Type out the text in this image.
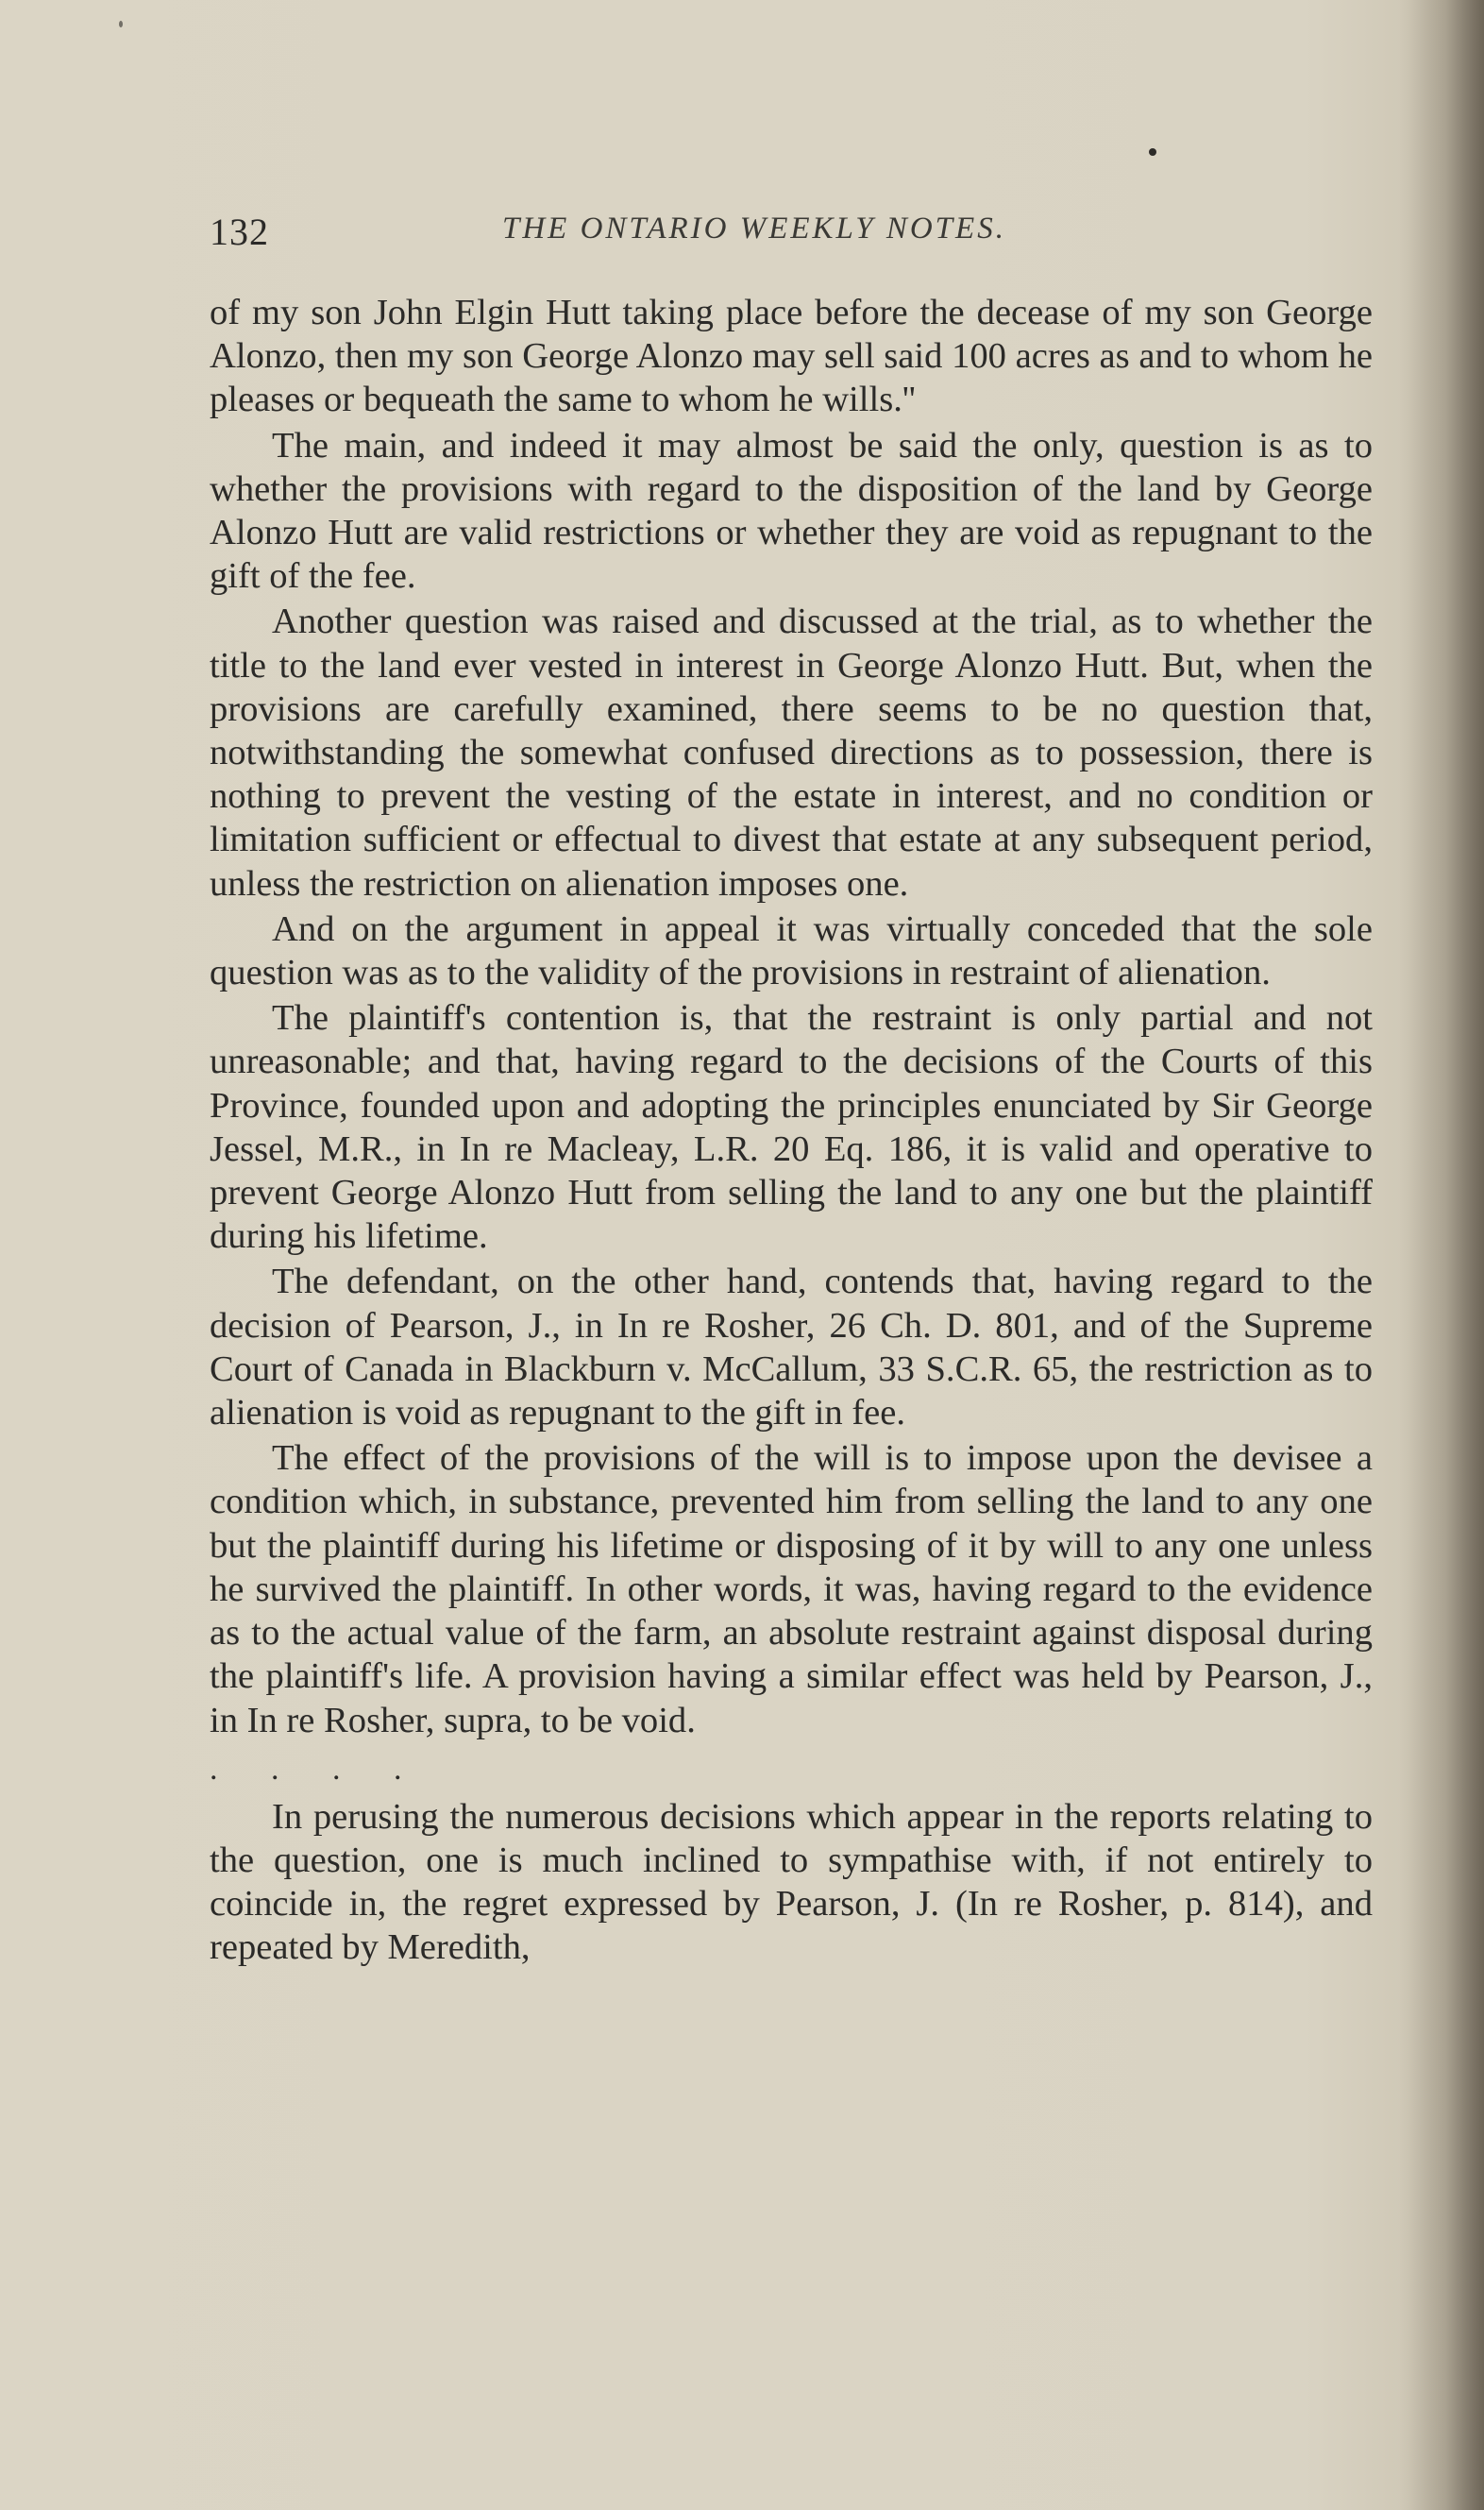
132	THE ONTARIO WEEKLY NOTES.

of my son John Elgin Hutt taking place before the decease of my son George Alonzo, then my son George Alonzo may sell said 100 acres as and to whom he pleases or bequeath the same to whom he wills.''

The main, and indeed it may almost be said the only, question is as to whether the provisions with regard to the disposition of the land by George Alonzo Hutt are valid restrictions or whether they are void as repugnant to the gift of the fee.

Another question was raised and discussed at the trial, as to whether the title to the land ever vested in interest in George Alonzo Hutt. But, when the provisions are carefully examined, there seems to be no question that, notwithstanding the somewhat confused directions as to possession, there is nothing to prevent the vesting of the estate in interest, and no condition or limitation sufficient or effectual to divest that estate at any subsequent period, unless the restriction on alienation imposes one.

And on the argument in appeal it was virtually conceded that the sole question was as to the validity of the provisions in restraint of alienation.

The plaintiff's contention is, that the restraint is only partial and not unreasonable; and that, having regard to the decisions of the Courts of this Province, founded upon and adopting the principles enunciated by Sir George Jessel, M.R., in In re Macleay, L.R. 20 Eq. 186, it is valid and operative to prevent George Alonzo Hutt from selling the land to any one but the plaintiff during his lifetime.

The defendant, on the other hand, contends that, having regard to the decision of Pearson, J., in In re Rosher, 26 Ch. D. 801, and of the Supreme Court of Canada in Blackburn v. McCallum, 33 S.C.R. 65, the restriction as to alienation is void as repugnant to the gift in fee.

The effect of the provisions of the will is to impose upon the devisee a condition which, in substance, prevented him from selling the land to any one but the plaintiff during his lifetime or disposing of it by will to any one unless he survived the plaintiff. In other words, it was, having regard to the evidence as to the actual value of the farm, an absolute restraint against disposal during the plaintiff's life. A provision having a similar effect was held by Pearson, J., in In re Rosher, supra, to be void.

. . . .

In perusing the numerous decisions which appear in the reports relating to the question, one is much inclined to sympathise with, if not entirely to coincide in, the regret expressed by Pearson, J. (In re Rosher, p. 814), and repeated by Meredith,
